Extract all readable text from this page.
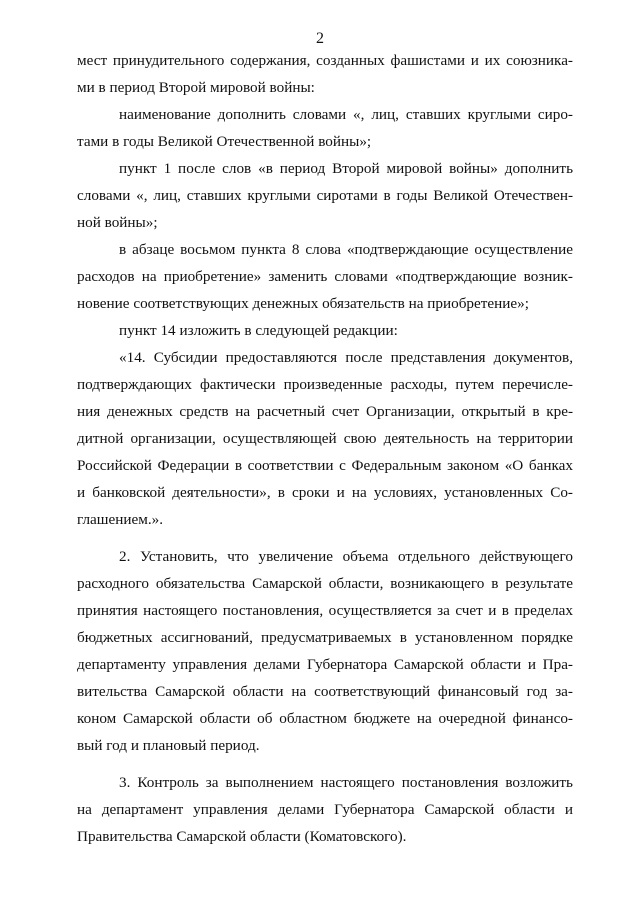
2
мест принудительного содержания, созданных фашистами и их союзника-
ми в период Второй мировой войны:
наименование дополнить словами «, лиц, ставших круглыми сиро-
тами в годы Великой Отечественной войны»;
пункт 1 после слов «в период Второй мировой войны» дополнить
словами «, лиц, ставших круглыми сиротами в годы Великой Отечествен-
ной войны»;
в абзаце восьмом пункта 8 слова «подтверждающие осуществление
расходов на приобретение» заменить словами «подтверждающие возник-
новение соответствующих денежных обязательств на приобретение»;
пункт 14 изложить в следующей редакции:
«14. Субсидии предоставляются после представления документов,
подтверждающих фактически произведенные расходы, путем перечисле-
ния денежных средств на расчетный счет Организации, открытый в кре-
дитной организации, осуществляющей свою деятельность на территории
Российской Федерации в соответствии с Федеральным законом «О банках
и банковской деятельности», в сроки и на условиях, установленных Со-
глашением.».
2. Установить, что увеличение объема отдельного действующего
расходного обязательства Самарской области, возникающего в результате
принятия настоящего постановления, осуществляется за счет и в пределах
бюджетных ассигнований, предусматриваемых в установленном порядке
департаменту управления делами Губернатора Самарской области и Пра-
вительства Самарской области на соответствующий финансовый год за-
коном Самарской области об областном бюджете на очередной финансо-
вый год и плановый период.
3. Контроль за выполнением настоящего постановления возложить
на департамент управления делами Губернатора Самарской области и
Правительства Самарской области (Коматовского).
